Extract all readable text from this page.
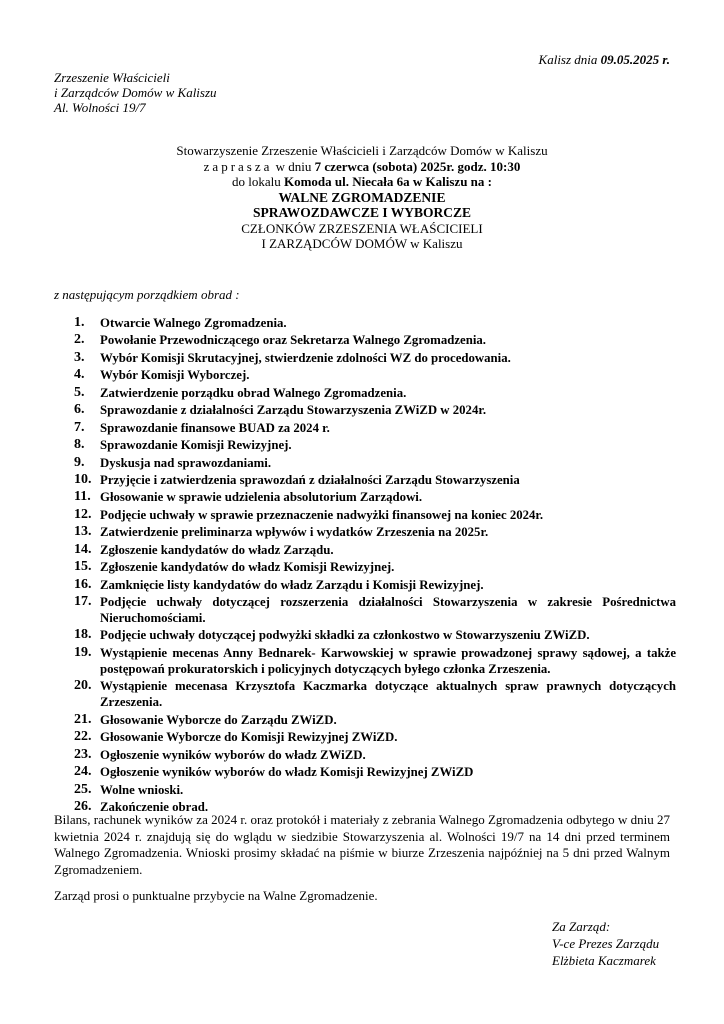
Kalisz dnia 09.05.2025 r.
Zrzeszenie Właścicieli
i Zarządców Domów w Kaliszu
Al. Wolności 19/7
Stowarzyszenie Zrzeszenie Właścicieli i Zarządców Domów w Kaliszu
zaprasza w dniu 7 czerwca (sobota) 2025r. godz. 10:30
do lokalu Komoda ul. Niecała 6a w Kaliszu na :
WALNE ZGROMADZENIE
SPRAWOZDAWCZE I WYBORCZE
CZŁONKÓW ZRZESZENIA WŁAŚCICIELI
I ZARZĄDCÓW DOMÓW w Kaliszu
z następującym porządkiem obrad :
1.	Otwarcie Walnego Zgromadzenia.
2.	Powołanie Przewodniczącego oraz Sekretarza Walnego Zgromadzenia.
3.	Wybór Komisji Skrutacyjnej, stwierdzenie zdolności WZ do procedowania.
4.	Wybór Komisji Wyborczej.
5.	Zatwierdzenie porządku obrad Walnego Zgromadzenia.
6.	Sprawozdanie z działalności Zarządu Stowarzyszenia ZWiZD w 2024r.
7.	Sprawozdanie finansowe BUAD za 2024 r.
8.	Sprawozdanie Komisji Rewizyjnej.
9.	Dyskusja nad sprawozdaniami.
10. Przyjęcie i zatwierdzenia sprawozdań z działalności Zarządu Stowarzyszenia
11. Głosowanie w sprawie udzielenia absolutorium Zarządowi.
12. Podjęcie uchwały w sprawie przeznaczenie nadwyżki finansowej na koniec 2024r.
13. Zatwierdzenie preliminarza wpływów i wydatków Zrzeszenia na 2025r.
14. Zgłoszenie kandydatów do władz Zarządu.
15. Zgłoszenie kandydatów do władz Komisji Rewizyjnej.
16. Zamknięcie listy kandydatów do władz Zarządu i Komisji Rewizyjnej.
17. Podjęcie uchwały dotyczącej rozszerzenia działalności Stowarzyszenia w zakresie Pośrednictwa Nieruchomościami.
18. Podjęcie uchwały dotyczącej podwyżki składki za członkostwo w Stowarzyszeniu ZWiZD.
19. Wystąpienie mecenas Anny Bednarek- Karwowskiej w sprawie prowadzonej sprawy sądowej, a także postępowań prokuratorskich i policyjnych dotyczących byłego członka Zrzeszenia.
20. Wystąpienie mecenasa Krzysztofa Kaczmarka dotyczące aktualnych spraw prawnych dotyczących Zrzeszenia.
21. Głosowanie Wyborcze do Zarządu ZWiZD.
22. Głosowanie Wyborcze do Komisji Rewizyjnej ZWiZD.
23. Ogłoszenie wyników wyborów do władz ZWiZD.
24. Ogłoszenie wyników wyborów do władz Komisji Rewizyjnej ZWiZD
25. Wolne wnioski.
26. Zakończenie obrad.
Bilans, rachunek wyników za 2024 r. oraz protokół i materiały z zebrania Walnego Zgromadzenia odbytego w dniu 27 kwietnia 2024 r. znajdują się do wglądu w siedzibie Stowarzyszenia al. Wolności 19/7 na 14 dni przed terminem Walnego Zgromadzenia. Wnioski prosimy składać na piśmie w biurze Zrzeszenia najpóźniej na 5 dni przed Walnym Zgromadzeniem.
Zarząd prosi o punktualne przybycie na Walne Zgromadzenie.
Za Zarząd:
V-ce Prezes Zarządu
Elżbieta Kaczmarek
